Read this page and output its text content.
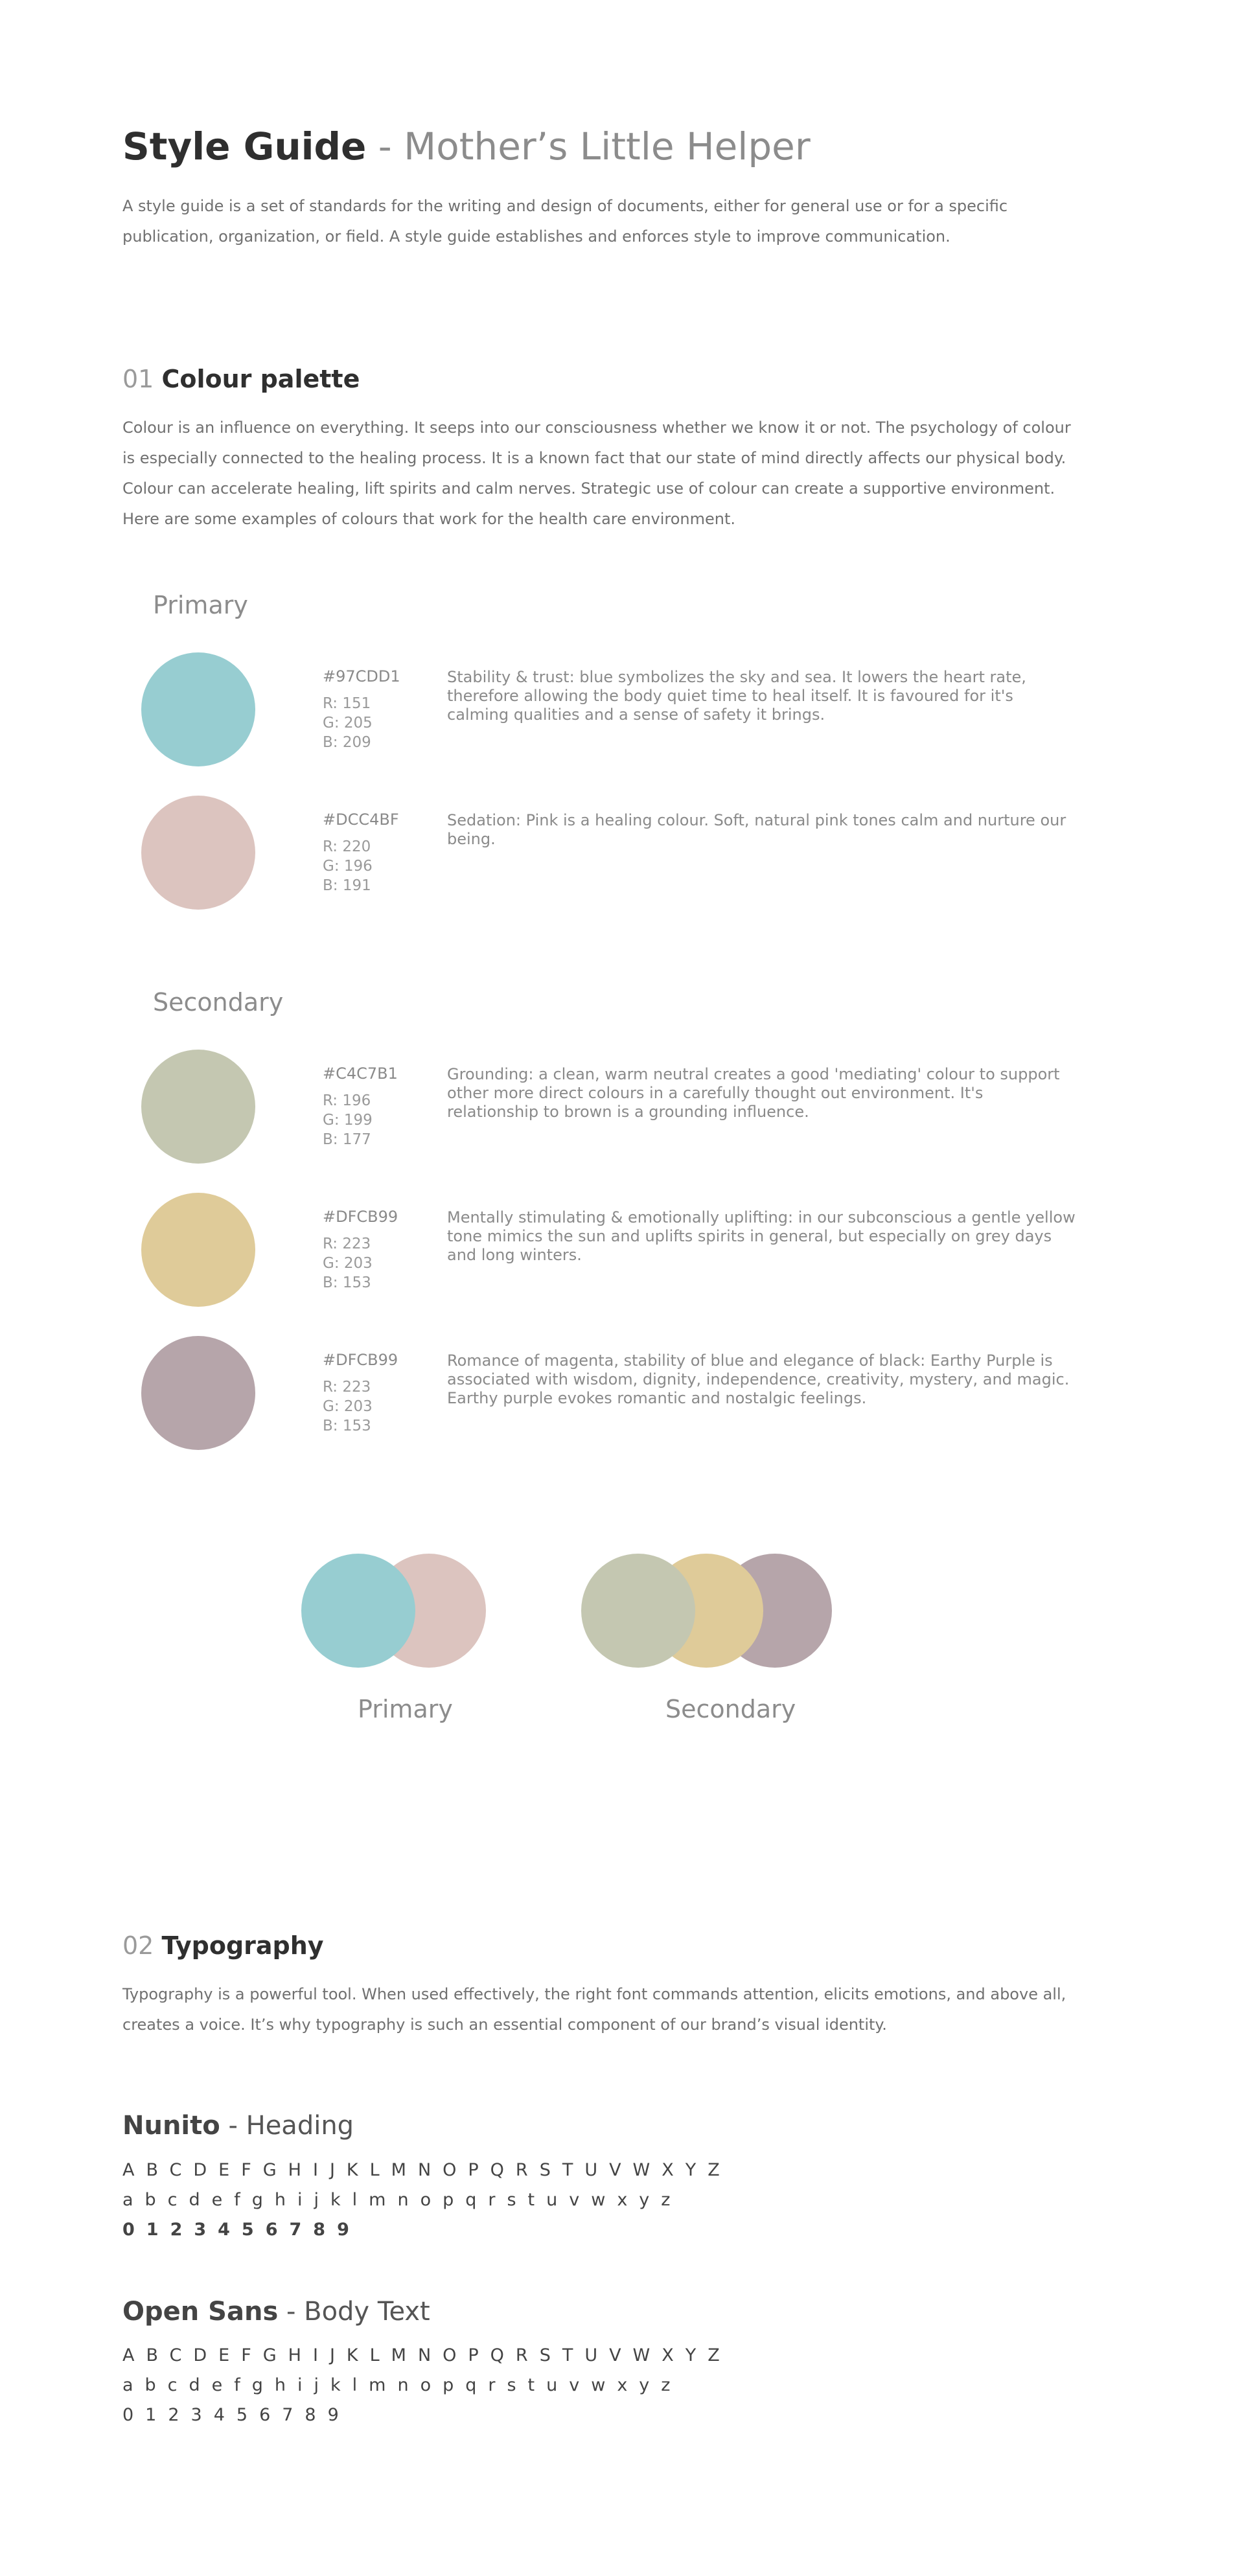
Style Guide - Mother’s Little Helper
A style guide is a set of standards for the writing and design of documents, either for general use or for a specific publication, organization, or field. A style guide establishes and enforces style to improve communication.
01 Colour palette
Colour is an influence on everything. It seeps into our consciousness whether we know it or not. The psychology of colour is especially connected to the healing process. It is a known fact that our state of mind directly affects our physical body. Colour can accelerate healing, lift spirits and calm nerves. Strategic use of colour can create a supportive environment. Here are some examples of colours that work for the health care environment.
Primary
#97CDD1
R: 151
G: 205
B: 209
Stability & trust: blue symbolizes the sky and sea. It lowers the heart rate, therefore allowing the body quiet time to heal itself. It is favoured for it's calming qualities and a sense of safety it brings.
#DCC4BF
R: 220
G: 196
B: 191
Sedation: Pink is a healing colour. Soft, natural pink tones calm and nurture our being.
Secondary
#C4C7B1
R: 196
G: 199
B: 177
Grounding: a clean, warm neutral creates a good 'mediating' colour to support other more direct colours in a carefully thought out environment. It's relationship to brown is a grounding influence.
#DFCB99
R: 223
G: 203
B: 153
Mentally stimulating & emotionally uplifting: in our subconscious a gentle yellow tone mimics the sun and uplifts spirits in general, but especially on grey days and long winters.
#DFCB99
R: 223
G: 203
B: 153
Romance of magenta, stability of blue and elegance of black: Earthy Purple is associated with wisdom, dignity, independence, creativity, mystery, and magic. Earthy purple evokes romantic and nostalgic feelings.
Primary	Secondary
02 Typography
Typography is a powerful tool. When used effectively, the right font commands attention, elicits emotions, and above all, creates a voice. It’s why typography is such an essential component of our brand’s visual identity.
Nunito - Heading
ABCDEFGHIJKLMNOPQRSTUVWXYZ
abcdefghijklmnopqrstuvwxyz
0123456789
Open Sans - Body Text
ABCDEFGHIJKLMNOPQRSTUVWXYZ
abcdefghijklmnopqrstuvwxyz
0123456789
